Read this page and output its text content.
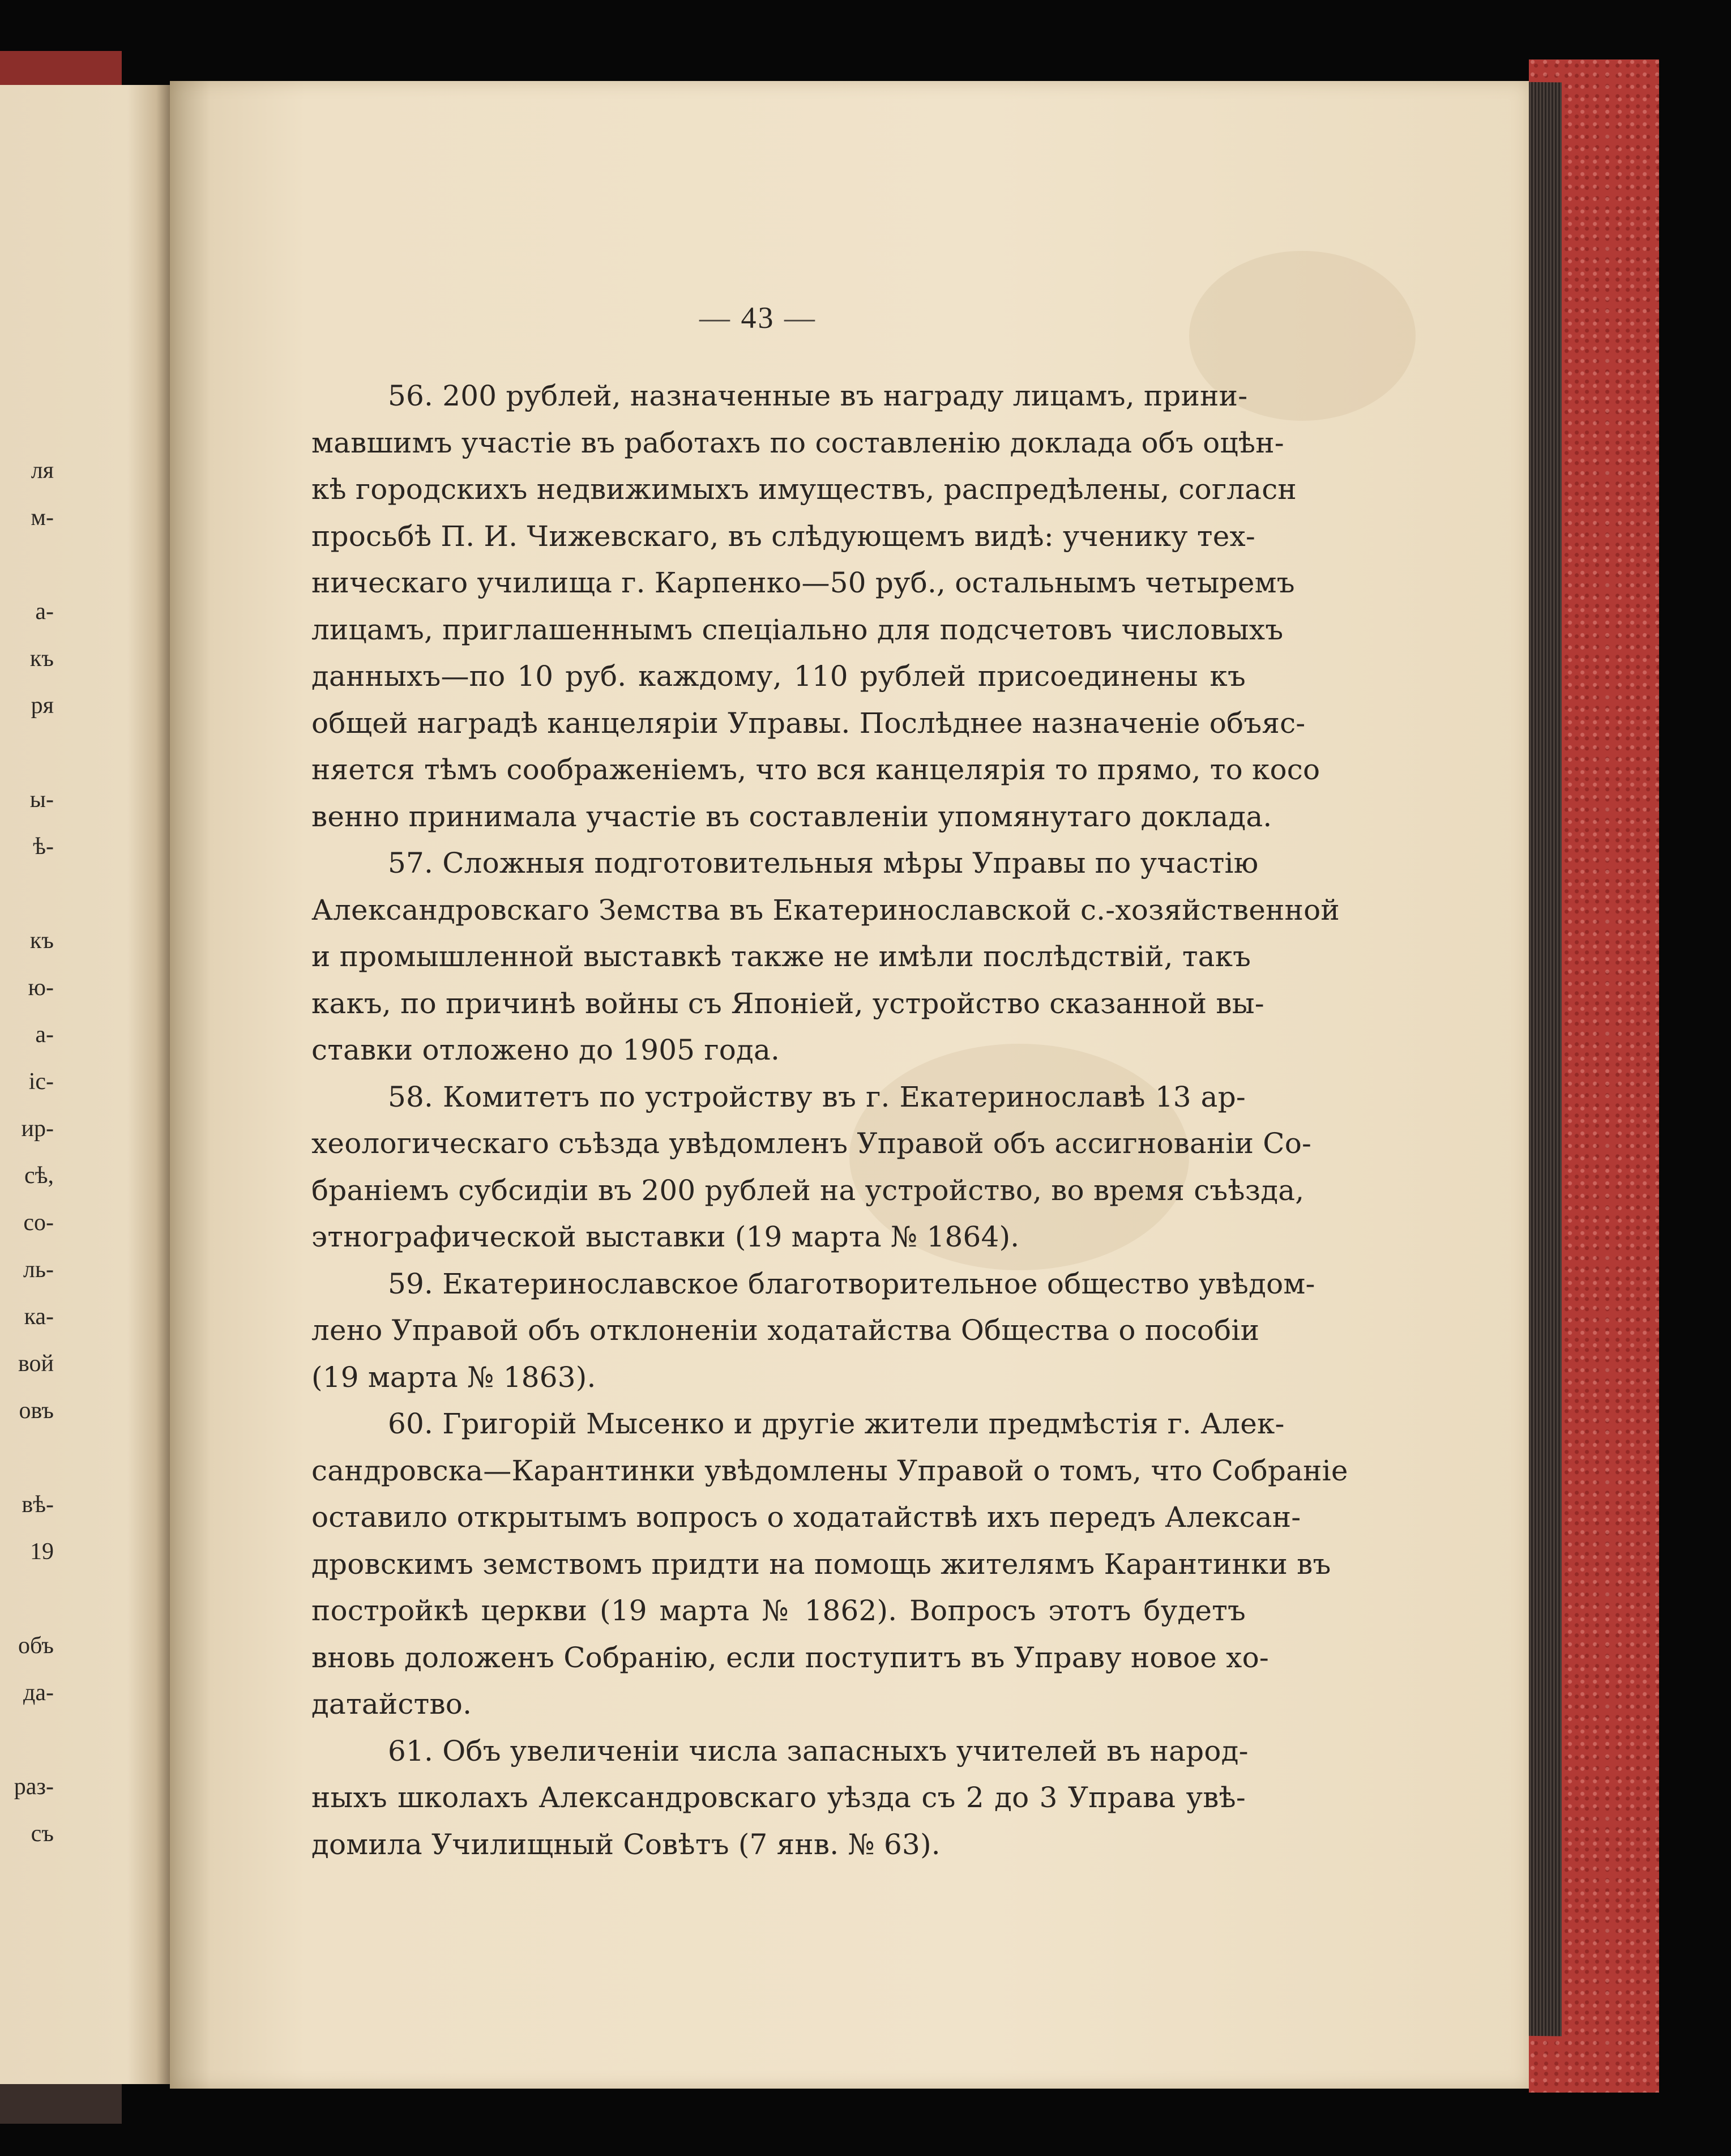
ля
м-
а-
къ
ря
ы-
ѣ-
къ
ю-
а-
іс-
ир-
сѣ,
со-
ль-
ка-
вой
овъ
вѣ-
19
объ
да-
раз-
съ
— 43 —
56. 200 рублей, назначенные въ награду лицамъ, прини-
мавшимъ участіе въ работахъ по составленію доклада объ оцѣн-
кѣ городскихъ недвижимыхъ имуществъ, распредѣлены, согласн
просьбѣ П. И. Чижевскаго, въ слѣдующемъ видѣ: ученику тех-
ническаго училища г. Карпенко—50 руб., остальнымъ четыремъ
лицамъ, приглашеннымъ спеціально для подсчетовъ числовыхъ
данныхъ—по 10 руб. каждому, 110 рублей присоединены къ
общей наградѣ канцеляріи Управы. Послѣднее назначеніе объяс-
няется тѣмъ соображеніемъ, что вся канцелярія то прямо, то косо
венно принимала участіе въ составленіи упомянутаго доклада.
57. Сложныя подготовительныя мѣры Управы по участію
Александровскаго Земства въ Екатеринославской с.-хозяйственной
и промышленной выставкѣ также не имѣли послѣдствій, такъ
какъ, по причинѣ войны съ Японіей, устройство сказанной вы-
ставки отложено до 1905 года.
58. Комитетъ по устройству въ г. Екатеринославѣ 13 ар-
хеологическаго съѣзда увѣдомленъ Управой объ ассигнованіи Со-
браніемъ субсидіи въ 200 рублей на устройство, во время съѣзда,
этнографической выставки (19 марта № 1864).
59. Екатеринославское благотворительное общество увѣдом-
лено Управой объ отклоненіи ходатайства Общества о пособіи
(19 марта № 1863).
60. Григорій Мысенко и другіе жители предмѣстія г. Алек-
сандровска—Карантинки увѣдомлены Управой о томъ, что Собраніе
оставило открытымъ вопросъ о ходатайствѣ ихъ передъ Алексан-
дровскимъ земствомъ придти на помощь жителямъ Карантинки въ
постройкѣ церкви (19 марта № 1862). Вопросъ этотъ будетъ
вновь доложенъ Собранію, если поступитъ въ Управу новое хо-
датайство.
61. Объ увеличеніи числа запасныхъ учителей въ народ-
ныхъ школахъ Александровскаго уѣзда съ 2 до 3 Управа увѣ-
домила Училищный Совѣтъ (7 янв. № 63).
